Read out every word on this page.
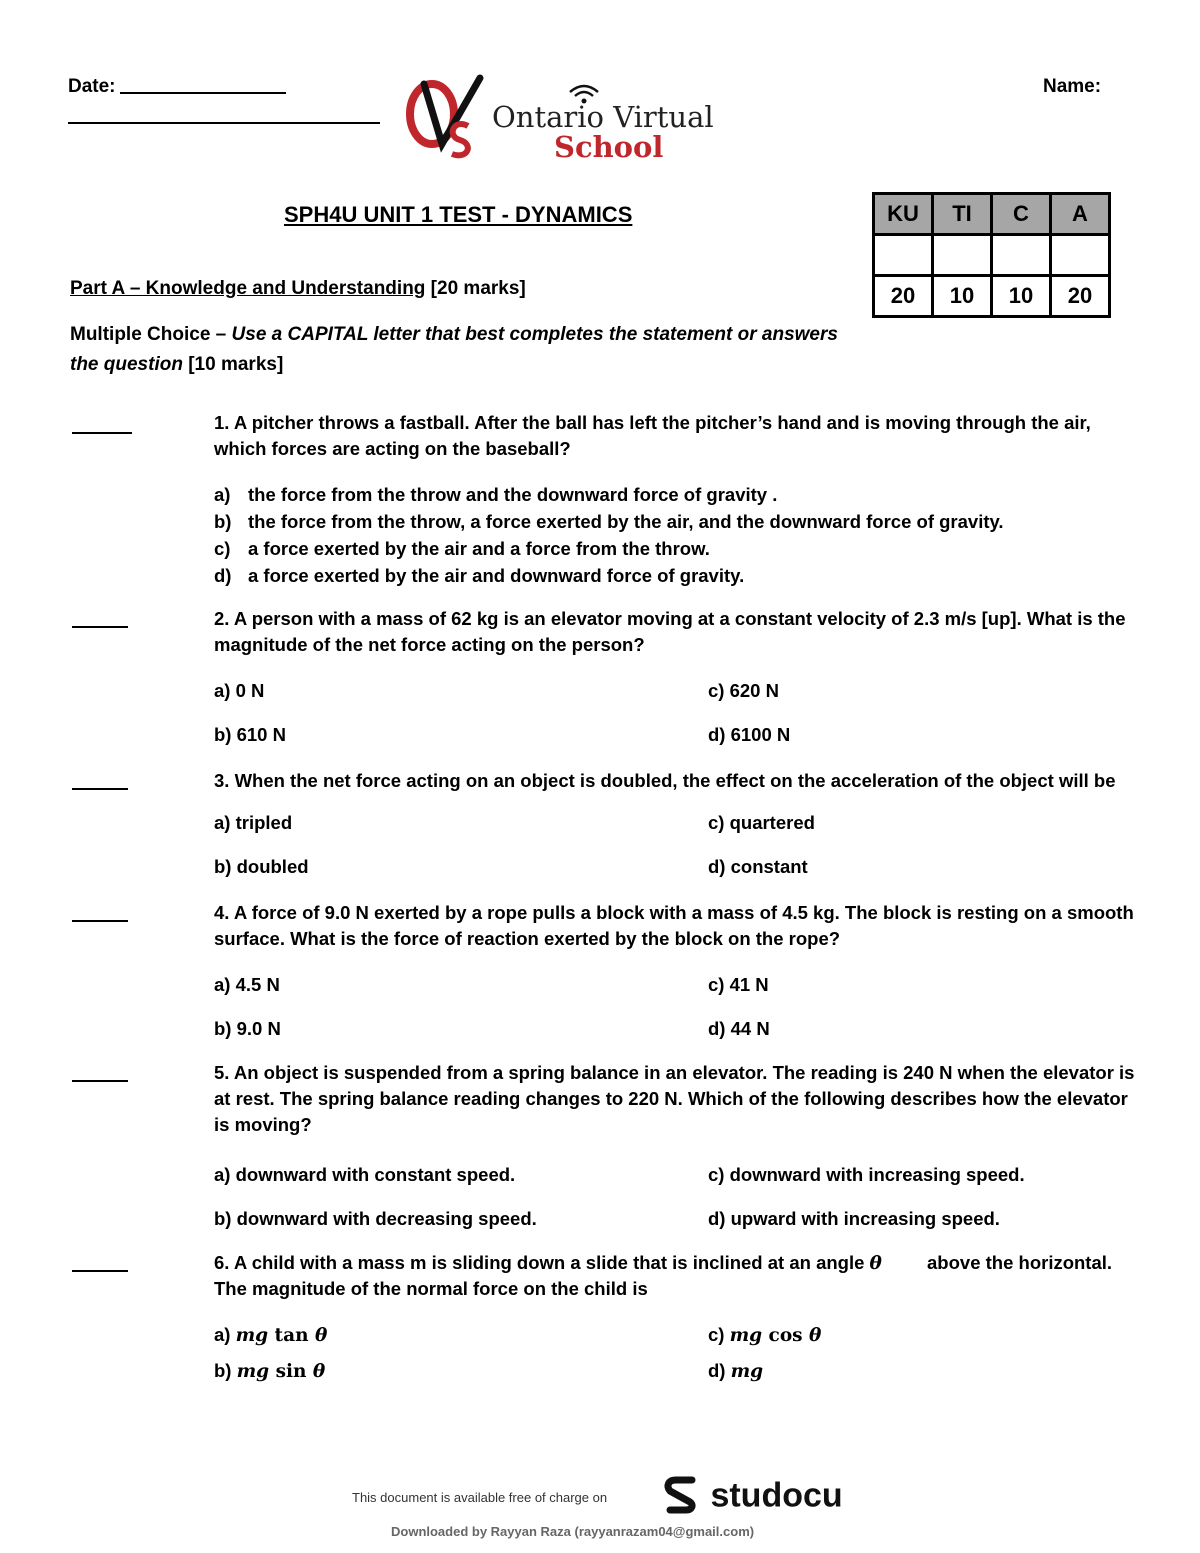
Date:	Name:
Ontario Virtual
School
SPH4U UNIT 1 TEST - DYNAMICS	KU	TI	C	A

20	10	10	20
Part A – Knowledge and Understanding [20 marks]
Multiple Choice – Use a CAPITAL letter that best completes the statement or answers the question [10 marks]
1. A pitcher throws a fastball. After the ball has left the pitcher’s hand and is moving through the air, which forces are acting on the baseball?
a) the force from the throw and the downward force of gravity .
b) the force from the throw, a force exerted by the air, and the downward force of gravity.
c) a force exerted by the air and a force from the throw.
d) a force exerted by the air and downward force of gravity.
2. A person with a mass of 62 kg is an elevator moving at a constant velocity of 2.3 m/s [up]. What is the magnitude of the net force acting on the person?
a) 0 N	c) 620 N
b) 610 N	d) 6100 N
3. When the net force acting on an object is doubled, the effect on the acceleration of the object will be
a) tripled	c) quartered
b) doubled	d) constant
4. A force of 9.0 N exerted by a rope pulls a block with a mass of 4.5 kg. The block is resting on a smooth surface. What is the force of reaction exerted by the block on the rope?
a) 4.5 N	c) 41 N
b) 9.0 N	d) 44 N
5. An object is suspended from a spring balance in an elevator. The reading is 240 N when the elevator is at rest. The spring balance reading changes to 220 N. Which of the following describes how the elevator is moving?
a) downward with constant speed.	c) downward with increasing speed.
b) downward with decreasing speed.	d) upward with increasing speed.
6. A child with a mass m is sliding down a slide that is inclined at an angle θ above the horizontal.
The magnitude of the normal force on the child is
a) mg tan θ	c) mg cos θ
b) mg sin θ	d) mg
This document is available free of charge on	studocu
Downloaded by Rayyan Raza (rayyanrazam04@gmail.com)
